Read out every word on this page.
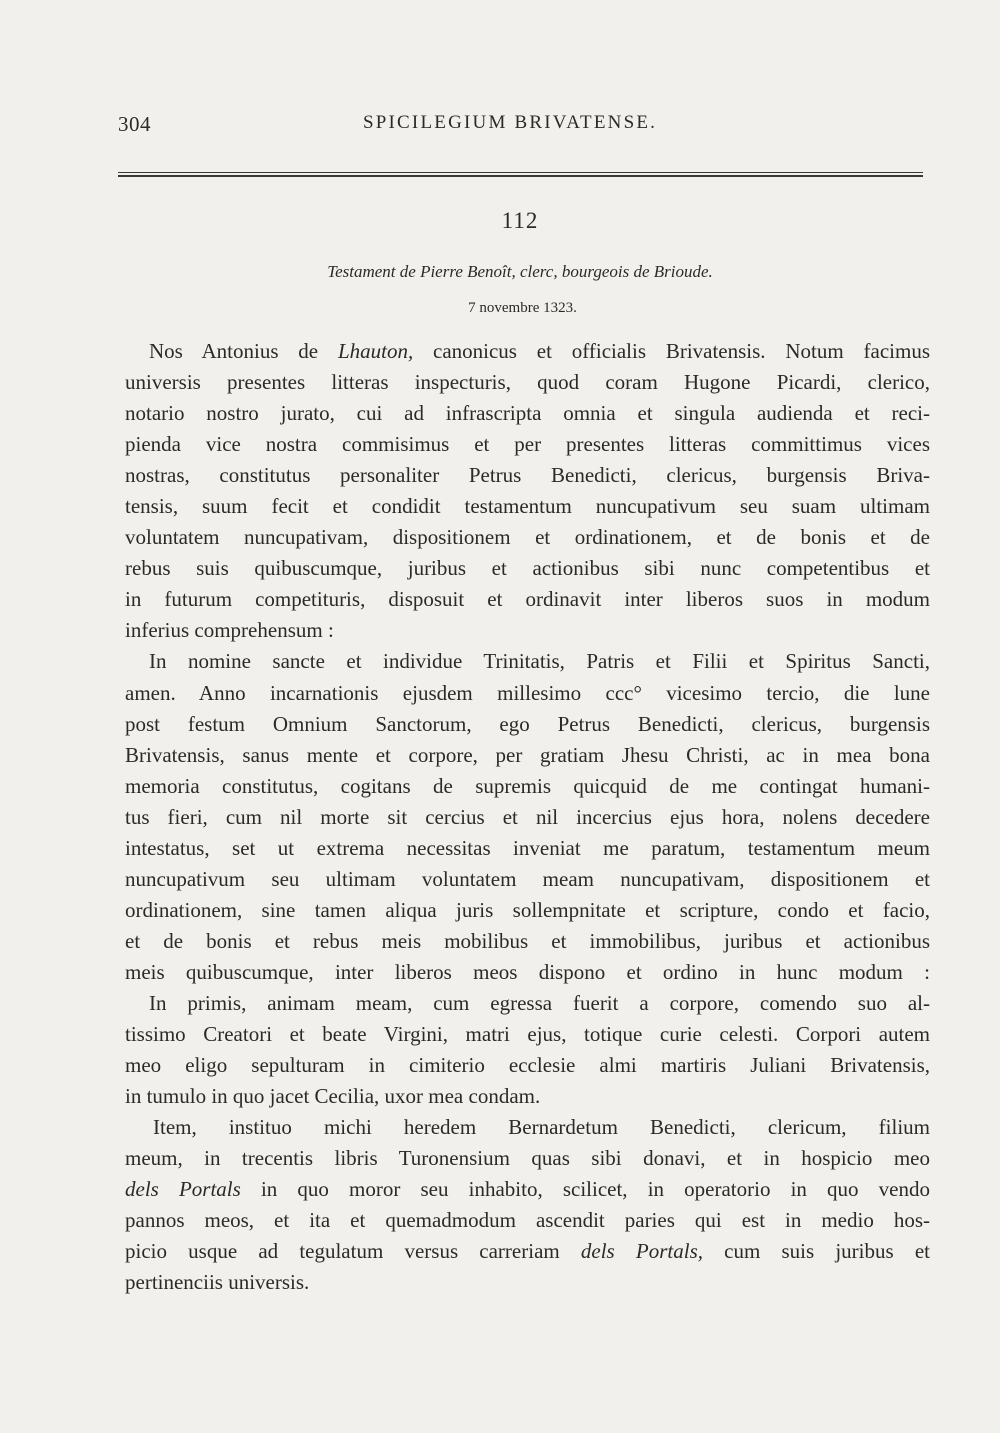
304	SPICILEGIUM BRIVATENSE.
112
Testament de Pierre Benoît, clerc, bourgeois de Brioude.
7 novembre 1323.
Nos Antonius de Lhauton, canonicus et officialis Brivatensis. Notum facimus
universis presentes litteras inspecturis, quod coram Hugone Picardi, clerico,
notario nostro jurato, cui ad infrascripta omnia et singula audienda et reci-
pienda vice nostra commisimus et per presentes litteras committimus vices
nostras, constitutus personaliter Petrus Benedicti, clericus, burgensis Briva-
tensis, suum fecit et condidit testamentum nuncupativum seu suam ultimam
voluntatem nuncupativam, dispositionem et ordinationem, et de bonis et de
rebus suis quibuscumque, juribus et actionibus sibi nunc competentibus et
in futurum competituris, disposuit et ordinavit inter liberos suos in modum
inferius comprehensum :
In nomine sancte et individue Trinitatis, Patris et Filii et Spiritus Sancti,
amen. Anno incarnationis ejusdem millesimo ccc° vicesimo tercio, die lune
post festum Omnium Sanctorum, ego Petrus Benedicti, clericus, burgensis
Brivatensis, sanus mente et corpore, per gratiam Jhesu Christi, ac in mea bona
memoria constitutus, cogitans de supremis quicquid de me contingat humani-
tus fieri, cum nil morte sit cercius et nil incercius ejus hora, nolens decedere
intestatus, set ut extrema necessitas inveniat me paratum, testamentum meum
nuncupativum seu ultimam voluntatem meam nuncupativam, dispositionem et
ordinationem, sine tamen aliqua juris sollempnitate et scripture, condo et facio,
et de bonis et rebus meis mobilibus et immobilibus, juribus et actionibus
meis quibuscumque, inter liberos meos dispono et ordino in hunc modum :
In primis, animam meam, cum egressa fuerit a corpore, comendo suo al-
tissimo Creatori et beate Virgini, matri ejus, totique curie celesti. Corpori autem
meo eligo sepulturam in cimiterio ecclesie almi martiris Juliani Brivatensis,
in tumulo in quo jacet Cecilia, uxor mea condam.
Item, instituo michi heredem Bernardetum Benedicti, clericum, filium
meum, in trecentis libris Turonensium quas sibi donavi, et in hospicio meo
dels Portals in quo moror seu inhabito, scilicet, in operatorio in quo vendo
pannos meos, et ita et quemadmodum ascendit paries qui est in medio hos-
picio usque ad tegulatum versus carreriam dels Portals, cum suis juribus et
pertinenciis universis.
